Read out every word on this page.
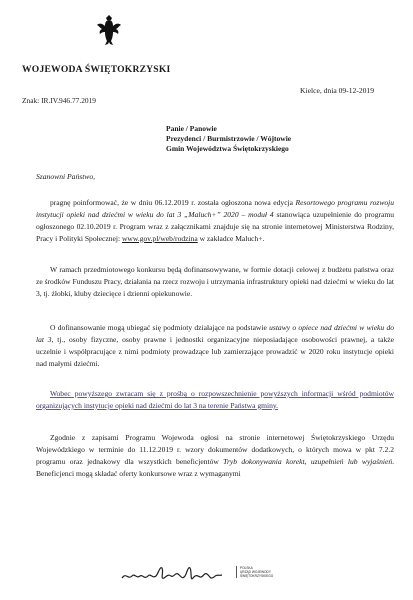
WOJEWODA ŚWIĘTOKRZYSKI
Kielce, dnia 09-12-2019
Znak: IR.IV.946.77.2019
Panie / Panowie
Prezydenci / Burmistrzowie / Wójtowie
Gmin Województwa Świętokrzyskiego
Szanowni Państwo,
pragnę poinformować, że w dniu 06.12.2019 r. została ogłoszona nowa edycja Resortowego programu rozwoju instytucji opieki nad dziećmi w wieku do lat 3 „Maluch+” 2020 – moduł 4 stanowiąca uzupełnienie do programu ogłoszonego 02.10.2019 r. Program wraz z załącznikami znajduje się na stronie internetowej Ministerstwa Rodziny, Pracy i Polityki Społecznej: www.gov.pl/web/rodzina w zakładce Maluch+.
W ramach przedmiotowego konkursu będą dofinansowywane, w formie dotacji celowej z budżetu państwa oraz ze środków Funduszu Pracy, działania na rzecz rozwoju i utrzymania infrastruktury opieki nad dziećmi w wieku do lat 3, tj. żłobki, kluby dziecięce i dzienni opiekunowie.
O dofinansowanie mogą ubiegać się podmioty działające na podstawie ustawy o opiece nad dziećmi w wieku do lat 3, tj., osoby fizyczne, osoby prawne i jednostki organizacyjne nieposiadające osobowości prawnej, a także uczelnie i współpracujące z nimi podmioty prowadzące lub zamierzające prowadzić w 2020 roku instytucje opieki nad małymi dziećmi.
Wobec powyższego zwracam się z prośbą o rozpowszechnienie powyższych informacji wśród podmiotów organizujących instytucje opieki nad dziećmi do lat 3 na terenie Państwa gminy.
Zgodnie z zapisami Programu Wojewoda ogłosi na stronie internetowej Świętokrzyskiego Urzędu Wojewódzkiego w terminie do 11.12.2019 r. wzory dokumentów dodatkowych, o których mowa w pkt 7.2.2 programu oraz jednakowy dla wszystkich beneficjentów Tryb dokonywania korekt, uzupełnień lub wyjaśnień. Beneficjenci mogą składać oferty konkursowe wraz z wymaganymi
POLSKA
URZĄD WOJEWODY
ŚWIĘTOKRZYSKIEGO
